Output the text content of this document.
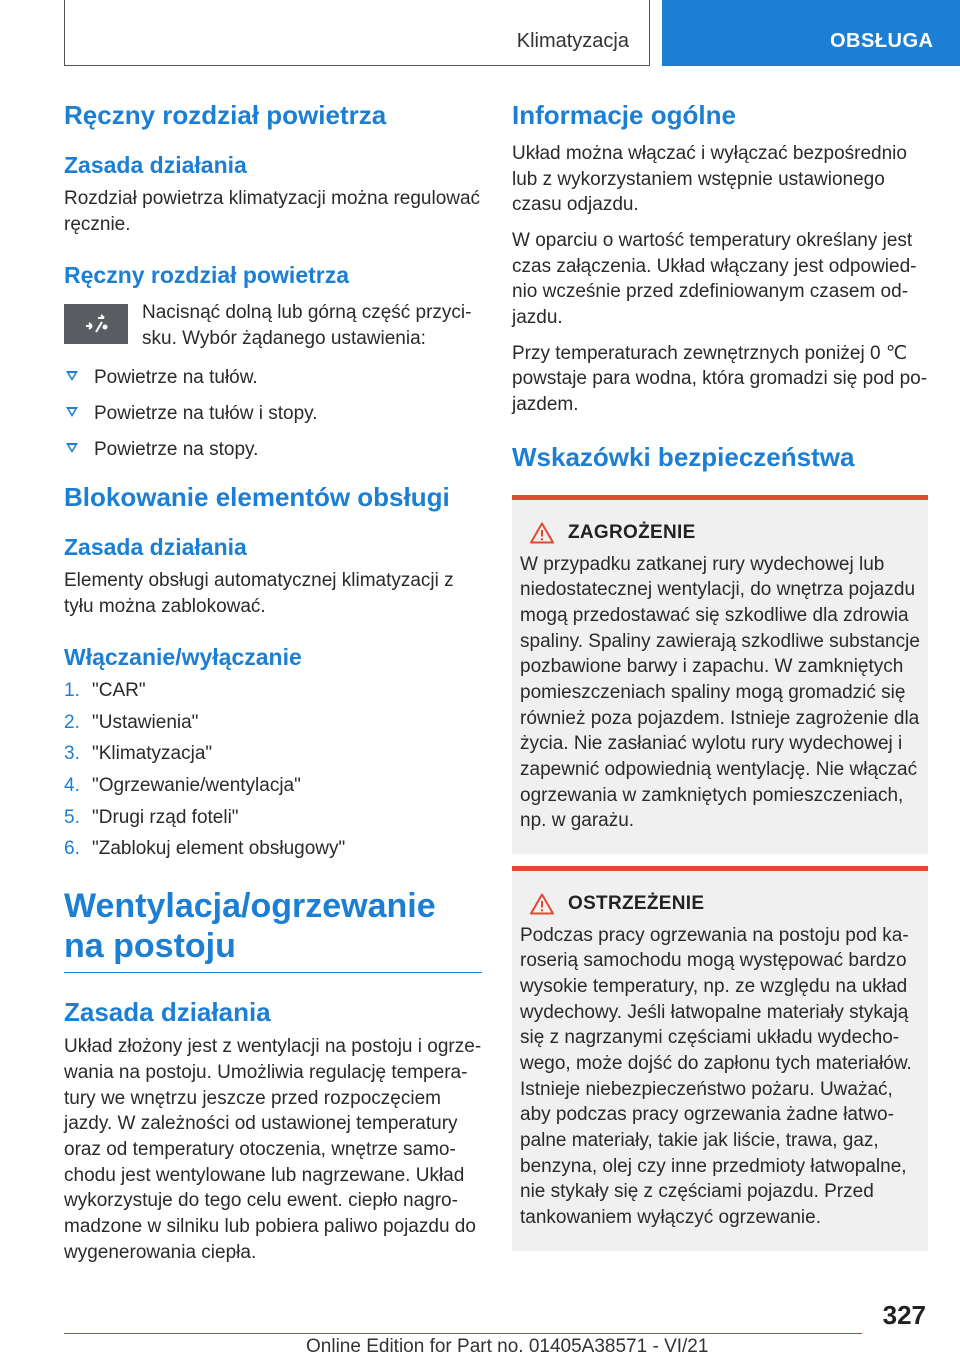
Klimatyzacja	OBSŁUGA
Ręczny rozdział powietrza
Zasada działania

Rozdział powietrza klimatyzacji można regulować ręcznie.

Ręczny rozdział powietrza

Nacisnąć dolną lub górną część przycisku. Wybór żądanego ustawienia:

Powietrze na tułów.
Powietrze na tułów i stopy.
Powietrze na stopy.
Blokowanie elementów obsługi
Zasada działania

Elementy obsługi automatycznej klimatyzacji z tyłu można zablokować.

Włączanie/wyłączanie
1. "CAR"
2. "Ustawienia"
3. "Klimatyzacja"
4. "Ogrzewanie/wentylacja"
5. "Drugi rząd foteli"
6. "Zablokuj element obsługowy"
Wentylacja/ogrzewanie na postoju
Zasada działania

Układ złożony jest z wentylacji na postoju i ogrzewania na postoju. Umożliwia regulację temperatury we wnętrzu jeszcze przed rozpoczęciem jazdy. W zależności od ustawionej temperatury oraz od temperatury otoczenia, wnętrze samochodu jest wentylowane lub nagrzewane. Układ wykorzystuje do tego celu ewent. ciepło nagromadzone w silniku lub pobiera paliwo pojazdu do wygenerowania ciepła.

Informacje ogólne

Układ można włączać i wyłączać bezpośrednio lub z wykorzystaniem wstępnie ustawionego czasu odjazdu.

W oparciu o wartość temperatury określany jest czas załączenia. Układ włączany jest odpowiednio wcześnie przed zdefiniowanym czasem odjazdu.

Przy temperaturach zewnętrznych poniżej 0 ℃ powstaje para wodna, która gromadzi się pod pojazdem.

Wskazówki bezpieczeństwa
ZAGROŻENIE
W przypadku zatkanej rury wydechowej lub niedostatecznej wentylacji, do wnętrza pojazdu mogą przedostawać się szkodliwe dla zdrowia spaliny. Spaliny zawierają szkodliwe substancje pozbawione barwy i zapachu. W zamkniętych pomieszczeniach spaliny mogą gromadzić się również poza pojazdem. Istnieje zagrożenie dla życia. Nie zasłaniać wylotu rury wydechowej i zapewnić odpowiednią wentylację. Nie włączać ogrzewania w zamkniętych pomieszczeniach, np. w garażu.
OSTRZEŻENIE
Podczas pracy ogrzewania na postoju pod karoserią samochodu mogą występować bardzo wysokie temperatury, np. ze względu na układ wydechowy. Jeśli łatwopalne materiały stykają się z nagrzanymi częściami układu wydechowego, może dojść do zapłonu tych materiałów. Istnieje niebezpieczeństwo pożaru. Uważać, aby podczas pracy ogrzewania żadne łatwopalne materiały, takie jak liście, trawa, gaz, benzyna, olej czy inne przedmioty łatwopalne, nie stykały się z częściami pojazdu. Przed tankowaniem wyłączyć ogrzewanie.
327
Online Edition for Part no. 01405A38571 - VI/21
